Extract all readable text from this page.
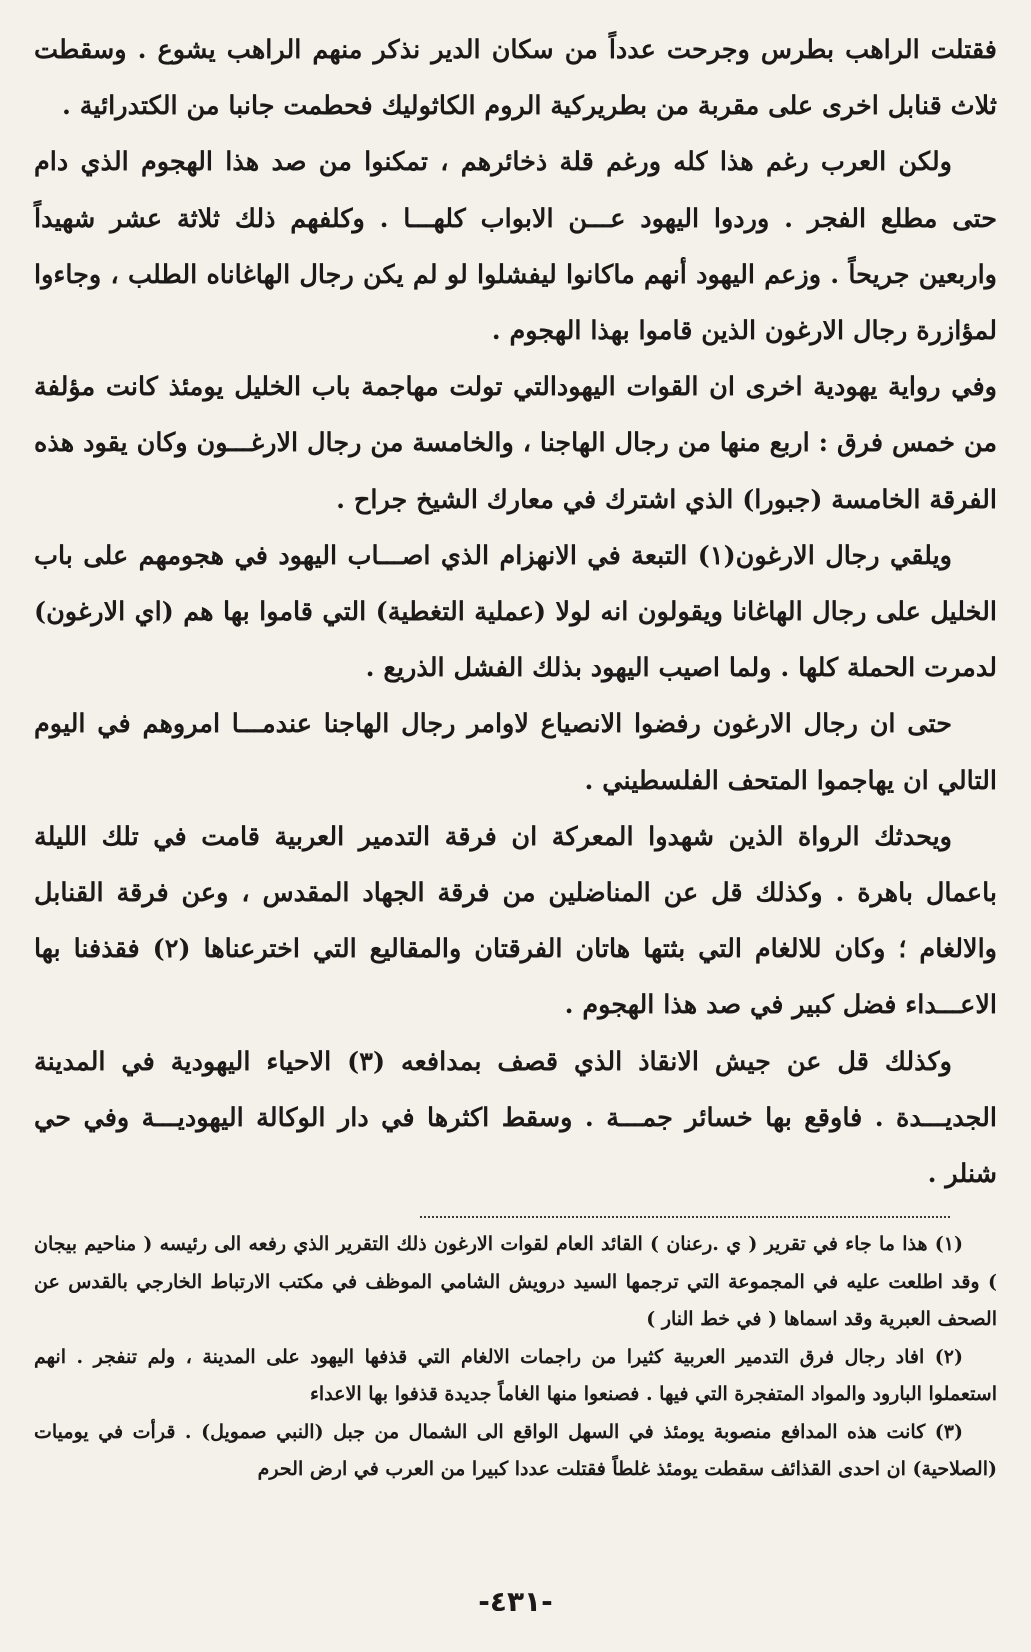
فقتلت الراهب بطرس وجرحت عدداً من سكان الدير نذكر منهم الراهب يشوع . وسقطت ثلاث قنابل اخرى على مقربة من بطريركية الروم الكاثوليك فحطمت جانبا من الكتدرائية .

ولكن العرب رغم هذا كله ورغم قلة ذخائرهم ، تمكنوا من صد هذا الهجوم الذي دام حتى مطلع الفجر . وردوا اليهود عـــن الابواب كلهـــا . وكلفهم ذلك ثلاثة عشر شهيداً واربعين جريحاً . وزعم اليهود أنهم ماكانوا ليفشلوا لو لم يكن رجال الهاغاناه الطلب ، وجاءوا لمؤازرة رجال الارغون الذين قاموا بهذا الهجوم .

وفي رواية يهودية اخرى ان القوات اليهودالتي تولت مهاجمة باب الخليل يومئذ كانت مؤلفة من خمس فرق : اربع منها من رجال الهاجنا ، والخامسة من رجال الارغـــون وكان يقود هذه الفرقة الخامسة (جبورا) الذي اشترك في معارك الشيخ جراح .

ويلقي رجال الارغون(١) التبعة في الانهزام الذي اصـــاب اليهود في هجومهم على باب الخليل على رجال الهاغانا ويقولون انه لولا (عملية التغطية) التي قاموا بها هم (اي الارغون) لدمرت الحملة كلها . ولما اصيب اليهود بذلك الفشل الذريع .

حتى ان رجال الارغون رفضوا الانصياع لاوامر رجال الهاجنا عندمـــا امروهم في اليوم التالي ان يهاجموا المتحف الفلسطيني .

ويحدثك الرواة الذين شهدوا المعركة ان فرقة التدمير العربية قامت في تلك الليلة باعمال باهرة . وكذلك قل عن المناضلين من فرقة الجهاد المقدس ، وعن فرقة القنابل والالغام ؛ وكان للالغام التي بثتها هاتان الفرقتان والمقاليع التي اخترعناها (٢) فقذفنا بها الاعـــداء فضل كبير في صد هذا الهجوم .

وكذلك قل عن جيش الانقاذ الذي قصف بمدافعه (٣) الاحياء اليهودية في المدينة الجديـــدة . فاوقع بها خسائر جمـــة . وسقط اكثرها في دار الوكالة اليهوديـــة وفي حي شنلر .

(١) هذا ما جاء في تقرير ( ي .رعنان ) القائد العام لقوات الارغون ذلك التقرير الذي رفعه الى رئيسه ( مناحيم بيجان ) وقد اطلعت عليه في المجموعة التي ترجمها السيد درويش الشامي الموظف في مكتب الارتباط الخارجي بالقدس عن الصحف العبرية وقد اسماها ( في خط النار )

(٢) افاد رجال فرق التدمير العربية كثيرا من راجمات الالغام التي قذفها اليهود على المدينة ، ولم تنفجر . انهم استعملوا البارود والمواد المتفجرة التي فيها . فصنعوا منها الغاماً جديدة قذفوا بها الاعداء

(٣) كانت هذه المدافع منصوبة يومئذ في السهل الواقع الى الشمال من جبل (النبي صمويل) . قرأت في يوميات (الصلاحية) ان احدى القذائف سقطت يومئذ غلطاً فقتلت عددا كبيرا من العرب في ارض الحرم

-٤٣١-
